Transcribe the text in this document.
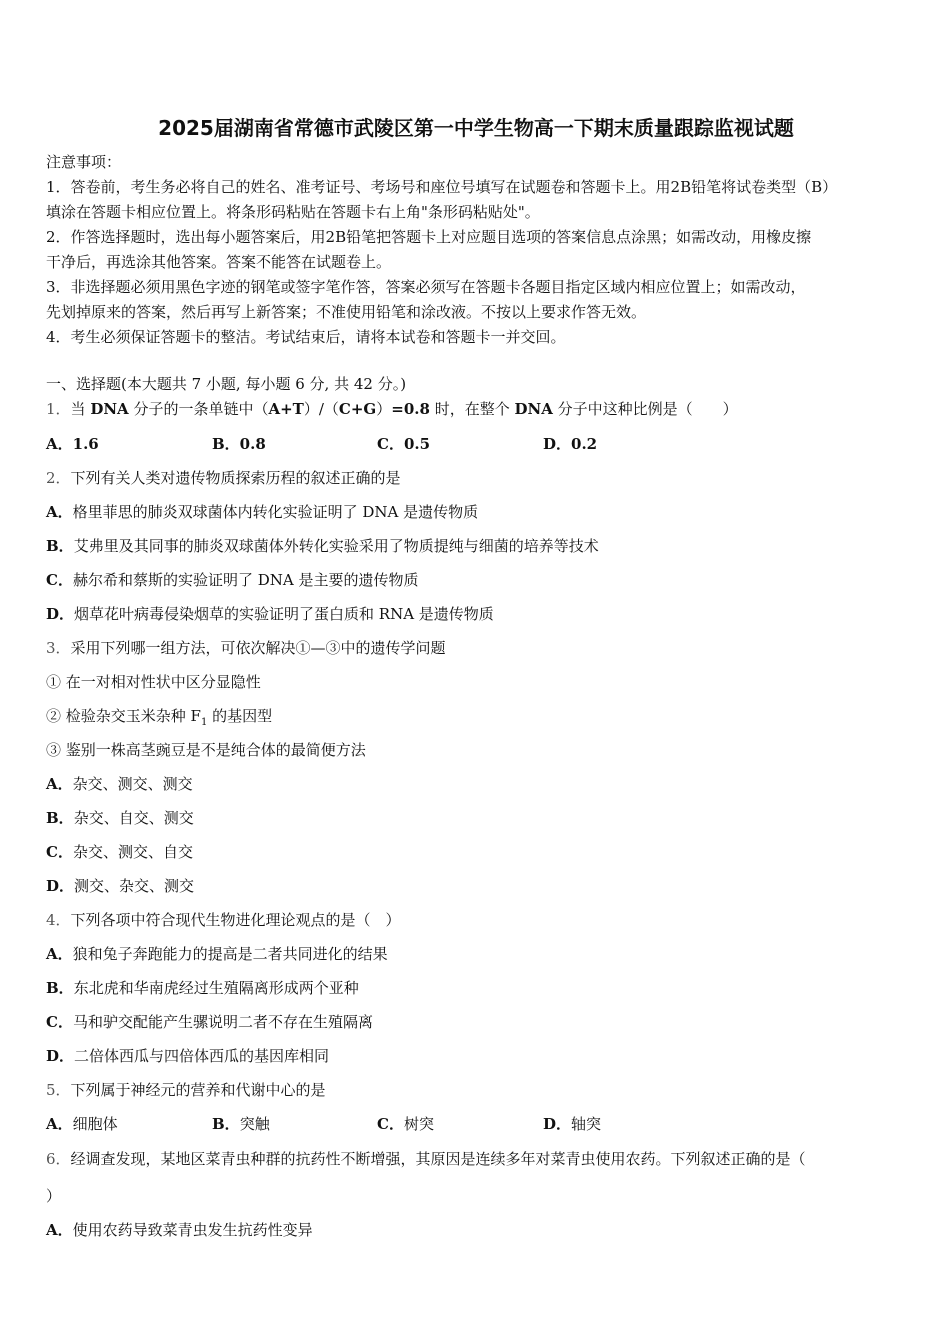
2025届湖南省常德市武陵区第一中学生物高一下期末质量跟踪监视试题

注意事项：

1．答卷前，考生务必将自己的姓名、准考证号、考场号和座位号填写在试题卷和答题卡上。用2B铅笔将试卷类型（B）

填涂在答题卡相应位置上。将条形码粘贴在答题卡右上角"条形码粘贴处"。

2．作答选择题时，选出每小题答案后，用2B铅笔把答题卡上对应题目选项的答案信息点涂黑；如需改动，用橡皮擦

干净后，再选涂其他答案。答案不能答在试题卷上。

3．非选择题必须用黑色字迹的钢笔或签字笔作答，答案必须写在答题卡各题目指定区域内相应位置上；如需改动，

先划掉原来的答案，然后再写上新答案；不准使用铅笔和涂改液。不按以上要求作答无效。

4．考生必须保证答题卡的整洁。考试结束后，请将本试卷和答题卡一并交回。

一、选择题(本大题共 7 小题, 每小题 6 分, 共 42 分。)
1．当 DNA 分子的一条单链中（A+T）/（C+G）=0.8 时，在整个 DNA 分子中这种比例是（　　）
A．1.6	B．0.8	C．0.5	D．0.2
2．下列有关人类对遗传物质探索历程的叙述正确的是
A．格里菲思的肺炎双球菌体内转化实验证明了 DNA 是遗传物质
B．艾弗里及其同事的肺炎双球菌体外转化实验采用了物质提纯与细菌的培养等技术
C．赫尔希和蔡斯的实验证明了 DNA 是主要的遗传物质
D．烟草花叶病毒侵染烟草的实验证明了蛋白质和 RNA 是遗传物质
3．采用下列哪一组方法，可依次解决①—③中的遗传学问题
① 在一对相对性状中区分显隐性
② 检验杂交玉米杂种 $F_1$ 的基因型
③ 鉴别一株高茎豌豆是不是纯合体的最简便方法
A．杂交、测交、测交
B．杂交、自交、测交
C．杂交、测交、自交
D．测交、杂交、测交
4．下列各项中符合现代生物进化理论观点的是（　）
A．狼和兔子奔跑能力的提高是二者共同进化的结果
B．东北虎和华南虎经过生殖隔离形成两个亚种
C．马和驴交配能产生骡说明二者不存在生殖隔离
D．二倍体西瓜与四倍体西瓜的基因库相同
5．下列属于神经元的营养和代谢中心的是
A．细胞体	B．突触	C．树突	D．轴突
6．经调查发现，某地区菜青虫种群的抗药性不断增强，其原因是连续多年对菜青虫使用农药。下列叙述正确的是（
）
A．使用农药导致菜青虫发生抗药性变异
